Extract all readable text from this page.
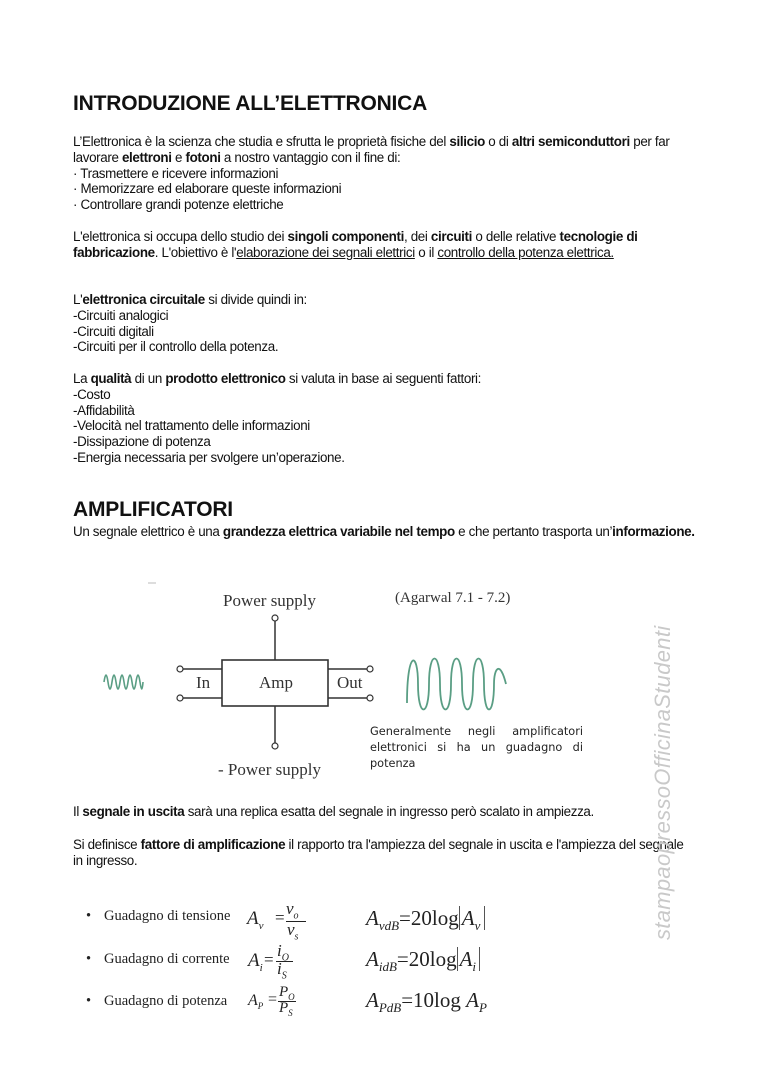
INTRODUZIONE ALL’ELETTRONICA

L’Elettronica è la scienza che studia e sfrutta le proprietà fisiche del silicio o di altri semiconduttori per far lavorare elettroni e fotoni a nostro vantaggio con il fine di:

· Trasmettere e ricevere informazioni

· Memorizzare ed elaborare queste informazioni

· Controllare grandi potenze elettriche

L'elettronica si occupa dello studio dei singoli componenti, dei circuiti o delle relative tecnologie di fabbricazione. L'obiettivo è l'elaborazione dei segnali elettrici o il controllo della potenza elettrica.

L'elettronica circuitale si divide quindi in:

-Circuiti analogici

-Circuiti digitali

-Circuiti per il controllo della potenza.

La qualità di un prodotto elettronico si valuta in base ai seguenti fattori:

-Costo

-Affidabilità

-Velocità nel trattamento delle informazioni

-Dissipazione di potenza

-Energia necessaria per svolgere un’operazione.

AMPLIFICATORI

Un segnale elettrico è una grandezza elettrica variabile nel tempo e che pertanto trasporta un’informazione.

Power supply
- Power supply
In	Amp	Out
(Agarwal 7.1 - 7.2)
Generalmente negli amplificatori elettronici si ha un guadagno di potenza

Il segnale in uscita sarà una replica esatta del segnale in ingresso però scalato in ampiezza.

Si definisce fattore di amplificazione il rapporto tra l'ampiezza del segnale in uscita e l'ampiezza del segnale in ingresso.

• Guadagno di tensione $A_v = v_o$
$v_s$
$A_{vdB}=20\log$ $A_v$
• Guadagno di corrente $A_i = i_O$
$i_S$
$A_{idB}=20\log$ $A_i$
• Guadagno di potenza $A_P = P_O$
$P_S$
$A_{PdB}=10\log$ $A_P$
stampaopressoOfficinaStudenti
